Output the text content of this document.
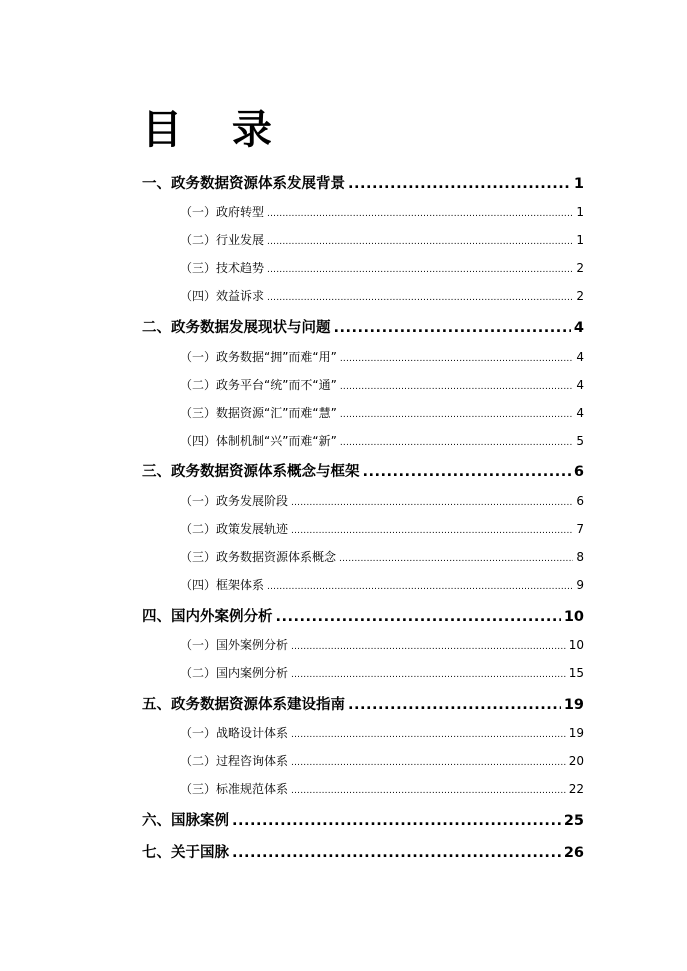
目 录
一、政务数据资源体系发展背景 .....	1
（一）政府转型 .....	1
（二）行业发展 .....	1
（三）技术趋势 .....	2
（四）效益诉求 .....	2
二、政务数据发展现状与问题 .....	4
（一）政务数据“拥”而难“用” .....	4
（二）政务平台“统”而不“通” .....	4
（三）数据资源“汇”而难“慧” .....	4
（四）体制机制“兴”而难“新” .....	5
三、政务数据资源体系概念与框架 .....	6
（一）政务发展阶段 .....	6
（二）政策发展轨迹 .....	7
（三）政务数据资源体系概念 .....	8
（四）框架体系 .....	9
四、国内外案例分析 .....	10
（一）国外案例分析 .....	10
（二）国内案例分析 .....	15
五、政务数据资源体系建设指南 .....	19
（一）战略设计体系 .....	19
（二）过程咨询体系 .....	20
（三）标准规范体系 .....	22
六、国脉案例 .....	25
七、关于国脉 .....	26
